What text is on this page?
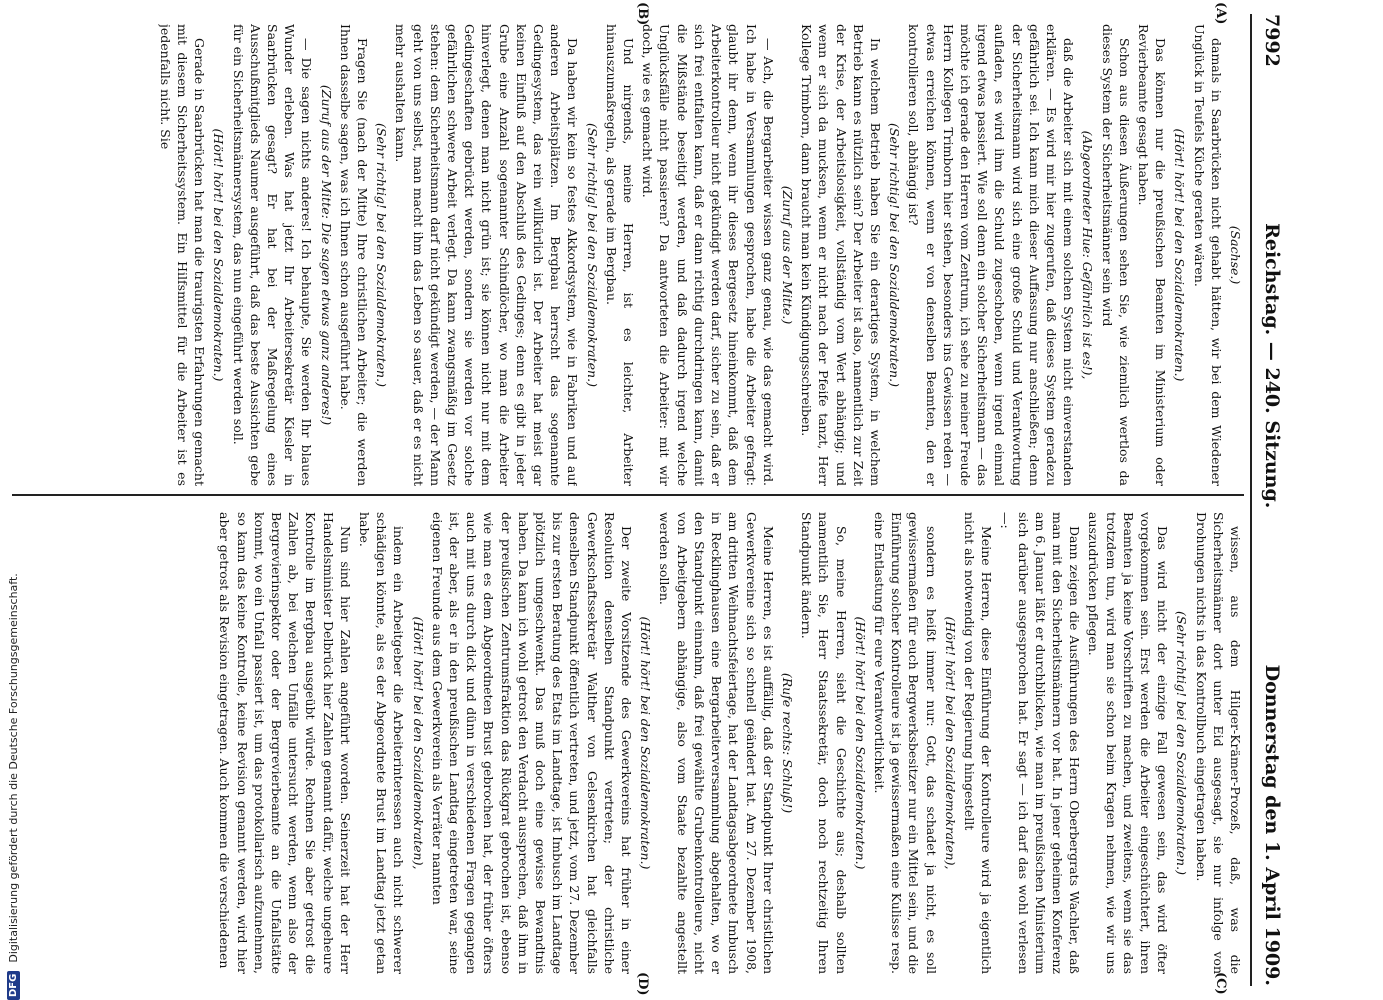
7992
Reichstag. — 240. Sitzung.
Donnerstag den 1. April 1909.
(A)
(B)
(C)
(D)

(Sachse.)

damals in Saarbrücken nicht gehabt hätten, wir bei dem Wiedener Unglück in Teufels Küche geraten wären.

(Hört! hört! bei den Sozialdemokraten.)

Das können nur die preußischen Beamten im Ministerium oder Revierbeamte gesagt haben.

Schon aus diesen Äußerungen sehen Sie, wie ziemlich wertlos da dieses System der Sicherheitsmänner sein wird

(Abgeordneter Hue: Gefährlich ist es!),

daß die Arbeiter sich mit einem solchen System nicht einverstanden erklären. — Es wird mir hier zugerufen, daß dieses System geradezu gefährlich sei. Ich kann mich dieser Auffassung nur anschließen; denn der Sicherheitsmann wird sich eine große Schuld und Verantwortung aufladen, es wird ihm die Schuld zugeschoben, wenn irgend einmal irgend etwas passiert. Wie soll denn ein solcher Sicherheitsmann — das möchte ich gerade den Herren vom Zentrum, ich sehe zu meiner Freude Herrn Kollegen Trimborn hier stehen, besonders ins Gewissen reden — etwas erreichen können, wenn er von denselben Beamten, den er kontrollieren soll, abhängig ist?

(Sehr richtig! bei den Sozialdemokraten.)

In welchem Betrieb haben Sie ein derartiges System, in welchem Betrieb kann es nützlich sein? Der Arbeiter ist also, namentlich zur Zeit der Krise, der Arbeitslosigkeit, vollständig vom Wert abhängig; und wenn er sich da mucksen, wenn er nicht nach der Pfeife tanzt, Herr Kollege Trimborn, dann braucht man kein Kündigungsschreiben.

(Zuruf aus der Mitte.)

— Ach, die Bergarbeiter wissen ganz genau, wie das gemacht wird. Ich habe in Versammlungen gesprochen, habe die Arbeiter gefragt: glaubt ihr denn, wenn ihr dieses Bergesetz hineinkommt, daß dem Arbeiterkontrolleur nicht gekündigt werden darf, sicher zu sein, daß er sich frei entfalten kann, daß er dann richtig durchdringen kann, damit die Mißstände beseitigt werden, und daß dadurch irgend welche Unglücksfälle nicht passieren? Da antworteten die Arbeiter: mit wir doch, wie es gemacht wird.

Und nirgends, meine Herren, ist es leichter, Arbeiter hinauszumaßregeln, als gerade im Bergbau.

(Sehr richtig! bei den Sozialdemokraten.)

Da haben wir kein so festes Akkordsystem, wie in Fabriken und auf anderen Arbeitsplätzen. Im Bergbau herrscht das sogenannte Gedingesystem, das rein willkürlich ist. Der Arbeiter hat meist gar keinen Einfluß auf den Abschluß des Gedinges; denn es gibt in jeder Grube eine Anzahl sogenannter Schindlöcher, wo man die Arbeiter hinverlegt, denen man nicht grün ist; sie können nicht nur mit dem Gedingeschaften gebrückt werden, sondern sie werden vor solche gefährlichen schwere Arbeit verlegt. Da kann zwangsmäßig im Gesetz stehen: dem Sicherheitsmann darf nicht gekündigt werden, — der Mann geht von uns selbst, man macht ihm das Leben so sauer, daß er es nicht mehr aushalten kann.

(Sehr richtig! bei den Sozialdemokraten.)

Fragen Sie (nach der Mitte) Ihre christlichen Arbeiter; die werden Ihnen dasselbe sagen, was ich Ihnen schon ausgeführt habe.

(Zuruf aus der Mitte: Die sagen etwas ganz anderes!)

— Die sagen nichts anderes! Ich behaupte, Sie werden Ihr blaues Wunder erleben. Was hat jetzt Ihr Arbeitersekretär Kiesler in Saarbrücken gesagt? Er hat bei der Maßregelung eines Ausschußmitglieds Naumer ausgeführt, daß das beste Aussichten gebe für ein Sicherheitsmännersystem, das nun eingeführt werden soll.

(Hört! hört! bei den Sozialdemokraten.)

Gerade in Saarbrücken hat man die traurigsten Erfahrungen gemacht mit diesem Sicherheitssystem. Ein Hilfsmittel für die Arbeiter ist es jedenfalls nicht. Sie

wissen, aus dem Hilger-Krämer-Prozeß, daß, was die Sicherheitsmänner dort unter Eid ausgesagt, sie nur infolge von Drohungen nichts in das Kontrollbuch eingetragen haben.

(Sehr richtig! bei den Sozialdemokraten.)

Das wird nicht der einzige Fall gewesen sein, das wird öfter vorgekommen sein. Erst werden die Arbeiter eingeschüchtert, ihren Beamten ja keine Vorschriften zu machen, und zweitens, wenn sie das trotzdem tun, wird man sie schon beim Kragen nehmen, wie wir uns auszudrücken pflegen.

Dann zeigen die Ausführungen des Herrn Oberbergrats Wachler, daß man mit den Sicherheitsmännern vor hat. In jener geheimen Konferenz am 6. Januar läßt er durchblicken, wie man im preußischen Ministerium sich darüber ausgesprochen hat. Er sagt — ich darf das wohl verlesen —:

Meine Herren, diese Einführung der Kontrolleure wird ja eigentlich nicht als notwendig von der Regierung hingestellt

(Hört! hört! bei den Sozialdemokraten),

sondern es heißt immer nur: Gott, das schadet ja nicht, es soll gewissermaßen für euch Bergwerksbesitzer nur ein Mittel sein, und die Einführung solcher Kontrolleure ist ja gewissermaßen eine Kulisse resp. eine Entlastung für eure Verantwortlichkeit.

(Hört! hört! bei den Sozialdemokraten.)

So, meine Herren, sieht die Geschichte aus; deshalb sollten namentlich Sie, Herr Staatssekretär, doch noch rechtzeitig Ihren Standpunkt ändern.

(Rufe rechts: Schluß!)

Meine Herren, es ist auffällig, daß der Standpunkt Ihrer christlichen Gewerkvereine sich so schnell geändert hat. Am 27. Dezember 1908, am dritten Weihnachtsfeiertage, hat der Landtagsabgeordnete Imbusch in Recklinghausen eine Bergarbeiterversammlung abgehalten, wo er den Standpunkt einnahm, daß frei gewählte Grubenkontrolleure, nicht von Arbeitgebern abhängige, also vom Staate bezahlte angestellt werden sollen.

(Hört! hört! bei den Sozialdemokraten.)

Der zweite Vorsitzende des Gewerkvereins hat früher in einer Resolution denselben Standpunkt vertreten; der christliche Gewerkschaftssekretär Walther von Gelsenkirchen hat gleichfalls denselben Standpunkt öffentlich vertreten, und jetzt, vom 27. Dezember bis zur ersten Beratung des Etats im Landtage, ist Imbusch im Landtage plötzlich umgeschwenkt. Das muß doch eine gewisse Bewandtnis haben. Da kann ich wohl getrost den Verdacht aussprechen, daß ihm in der preußischen Zentrumsfraktion das Rückgrat gebrochen ist, ebenso wie man es dem Abgeordneten Brust gebrochen hat, der früher öfters auch mit uns durch dick und dünn in verschiedenen Fragen gegangen ist, der aber, als er in den preußischen Landtag eingetreten war, seine eigenen Freunde aus dem Gewerkverein als Verräter nannten

(Hört! hört! bei den Sozialdemokraten),

indem ein Arbeitgeber die Arbeiterinteressen auch nicht schwerer schädigen könnte, als es der Abgeordnete Brust im Landtag jetzt getan habe.

Nun sind hier Zahlen angeführt worden. Seinerzeit hat der Herr Handelsminister Delbrück hier Zahlen genannt dafür, welche ungeheure Kontrolle im Bergbau ausgeübt würde. Rechnen Sie aber getrost die Zahlen ab, bei welchen Unfälle untersucht werden, wenn also der Bergrevierinspektor oder der Bergrevierbeamte an die Unfallstätte kommt, wo ein Unfall passiert ist, um das protokollarisch aufzunehmen, so kann das keine Kontrolle, keine Revision genannt werden, wird hier aber getrost als Revision eingetragen. Auch kommen die verschiedenen

DFG
Digitalisierung gefördert durch die Deutsche Forschungsgemeinschaft.
